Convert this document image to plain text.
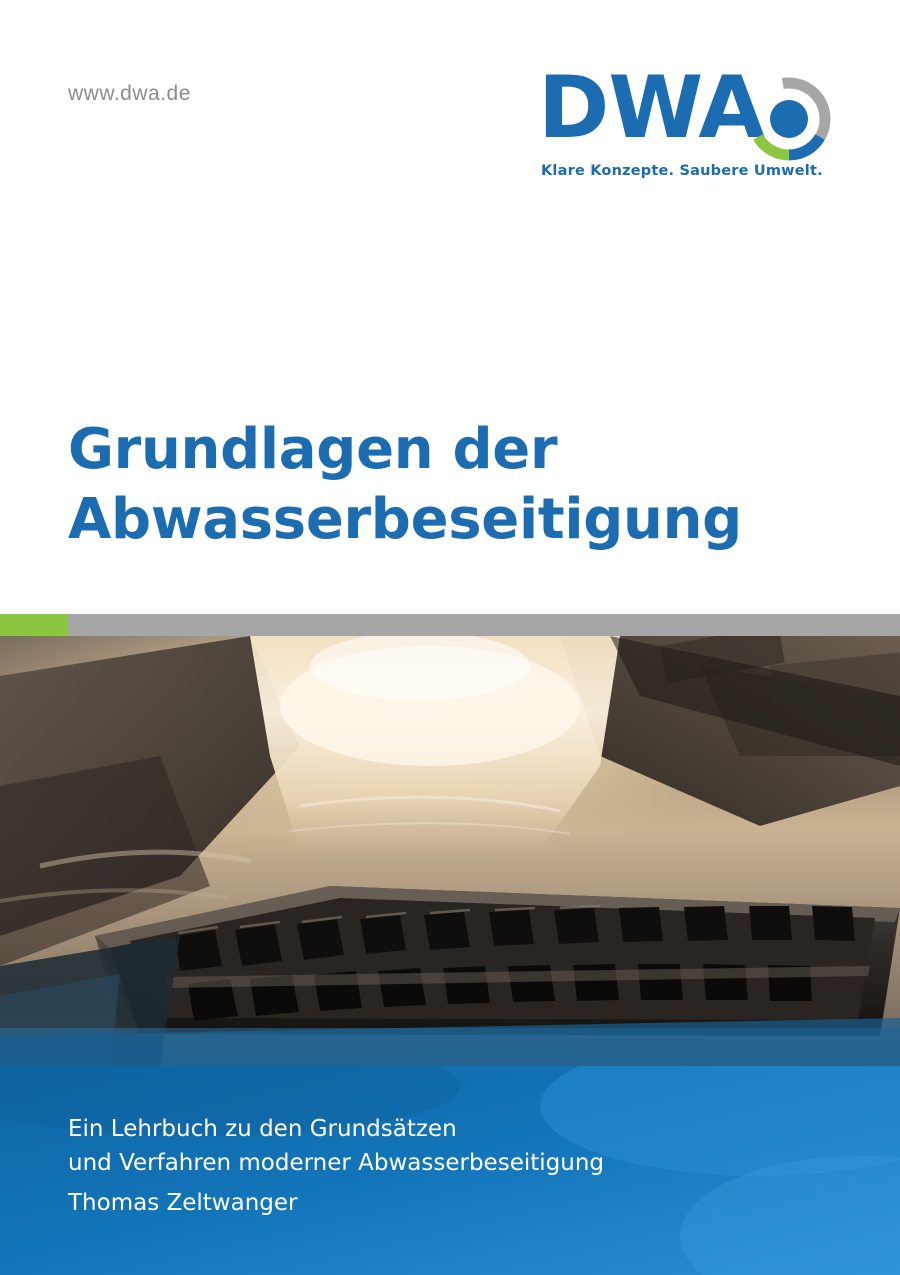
www.dwa.de	DWA
Klare Konzepte. Saubere Umwelt.
Grundlagen der
Abwasserbeseitigung
Ein Lehrbuch zu den Grundsätzen
und Verfahren moderner Abwasserbeseitigung
Thomas Zeltwanger
